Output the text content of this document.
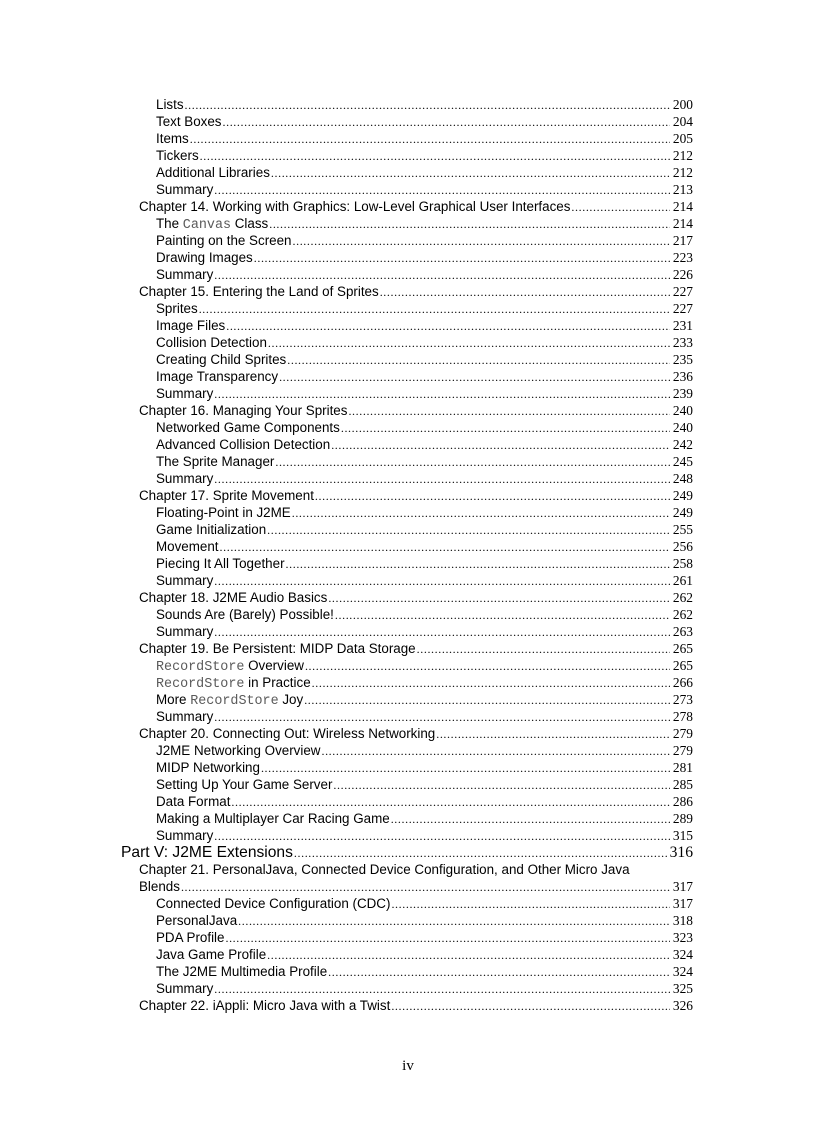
Lists . . .	200
Text Boxes . . .	204
Items . . .	205
Tickers . . .	212
Additional Libraries . . .	212
Summary . . .	213
Chapter 14. Working with Graphics: Low-Level Graphical User Interfaces . . .	214
The Canvas Class . . .	214
Painting on the Screen . . .	217
Drawing Images . . .	223
Summary . . .	226
Chapter 15. Entering the Land of Sprites . . .	227
Sprites . . .	227
Image Files . . .	231
Collision Detection . . .	233
Creating Child Sprites . . .	235
Image Transparency . . .	236
Summary . . .	239
Chapter 16. Managing Your Sprites . . .	240
Networked Game Components . . .	240
Advanced Collision Detection . . .	242
The Sprite Manager . . .	245
Summary . . .	248
Chapter 17. Sprite Movement . . .	249
Floating-Point in J2ME . . .	249
Game Initialization . . .	255
Movement . . .	256
Piecing It All Together . . .	258
Summary . . .	261
Chapter 18. J2ME Audio Basics . . .	262
Sounds Are (Barely) Possible! . . .	262
Summary . . .	263
Chapter 19. Be Persistent: MIDP Data Storage . . .	265
RecordStore Overview . . .	265
RecordStore in Practice . . .	266
More RecordStore Joy . . .	273
Summary . . .	278
Chapter 20. Connecting Out: Wireless Networking . . .	279
J2ME Networking Overview . . .	279
MIDP Networking . . .	281
Setting Up Your Game Server . . .	285
Data Format . . .	286
Making a Multiplayer Car Racing Game . . .	289
Summary . . .	315
Part V: J2ME Extensions . . .	316
Chapter 21. PersonalJava, Connected Device Configuration, and Other Micro Java
Blends . . .	317
Connected Device Configuration (CDC) . . .	317
PersonalJava . . .	318
PDA Profile . . .	323
Java Game Profile . . .	324
The J2ME Multimedia Profile . . .	324
Summary . . .	325
Chapter 22. iAppli: Micro Java with a Twist . . .	326
iv
